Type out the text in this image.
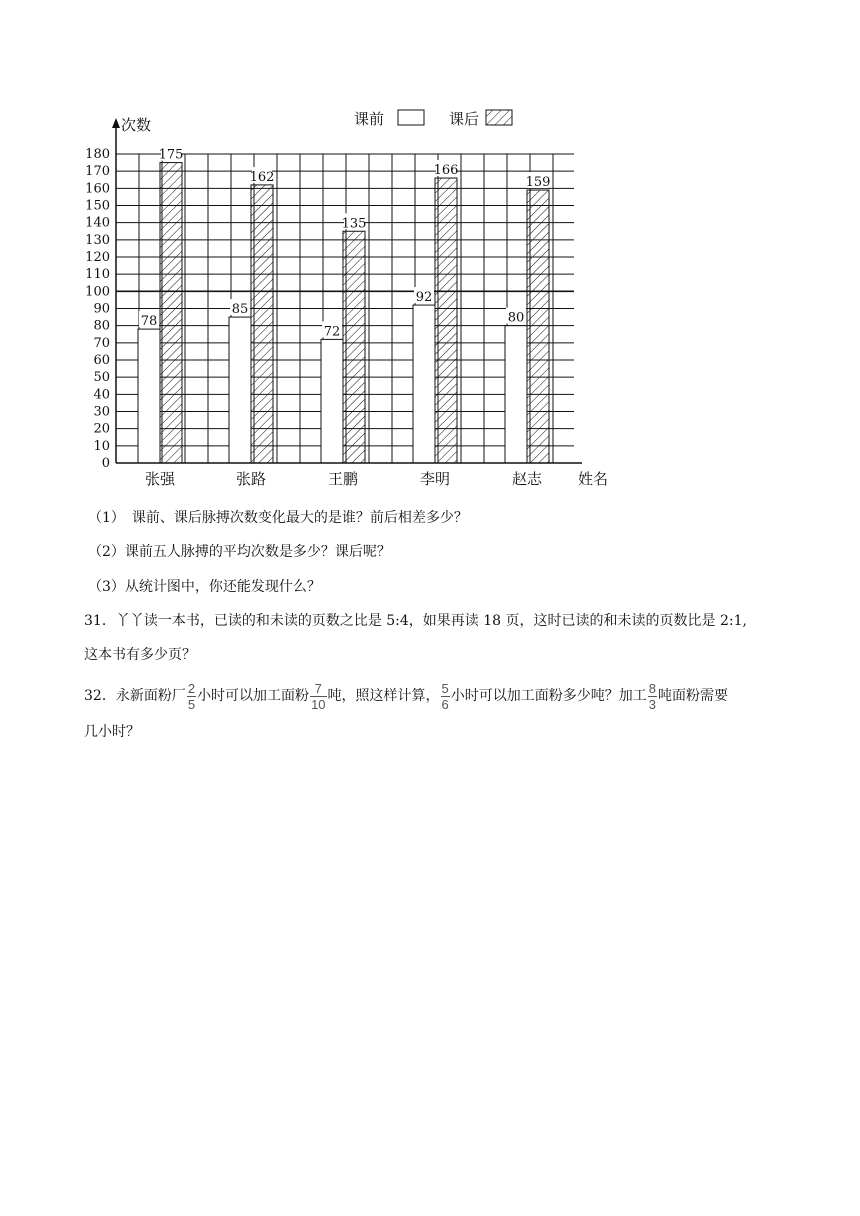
0
10
20
30
40
50
60
70
80
90
100
110
120
130
140
150
160
170
180
78
175
张强
85
162
张路
72
135
王鹏
92
166
李明
80
159
赵志
次数
姓名
课前	课后
（1）　课前、课后脉搏次数变化最大的是谁？前后相差多少？
（2）课前五人脉搏的平均次数是多少？课后呢？
（3）从统计图中，你还能发现什么？
31．丫丫读一本书，已读的和未读的页数之比是 5:4，如果再读 18 页，这时已读的和未读的页数比是 2:1,
这本书有多少页？
32．永新面粉厂 $\frac{2}{5}$ 小时可以加工面粉 $\frac{7}{10}$ 吨，照这样计算， $\frac{5}{6}$ 小时可以加工面粉多少吨？加工 $\frac{8}{3}$ 吨面粉需要
几小时？
